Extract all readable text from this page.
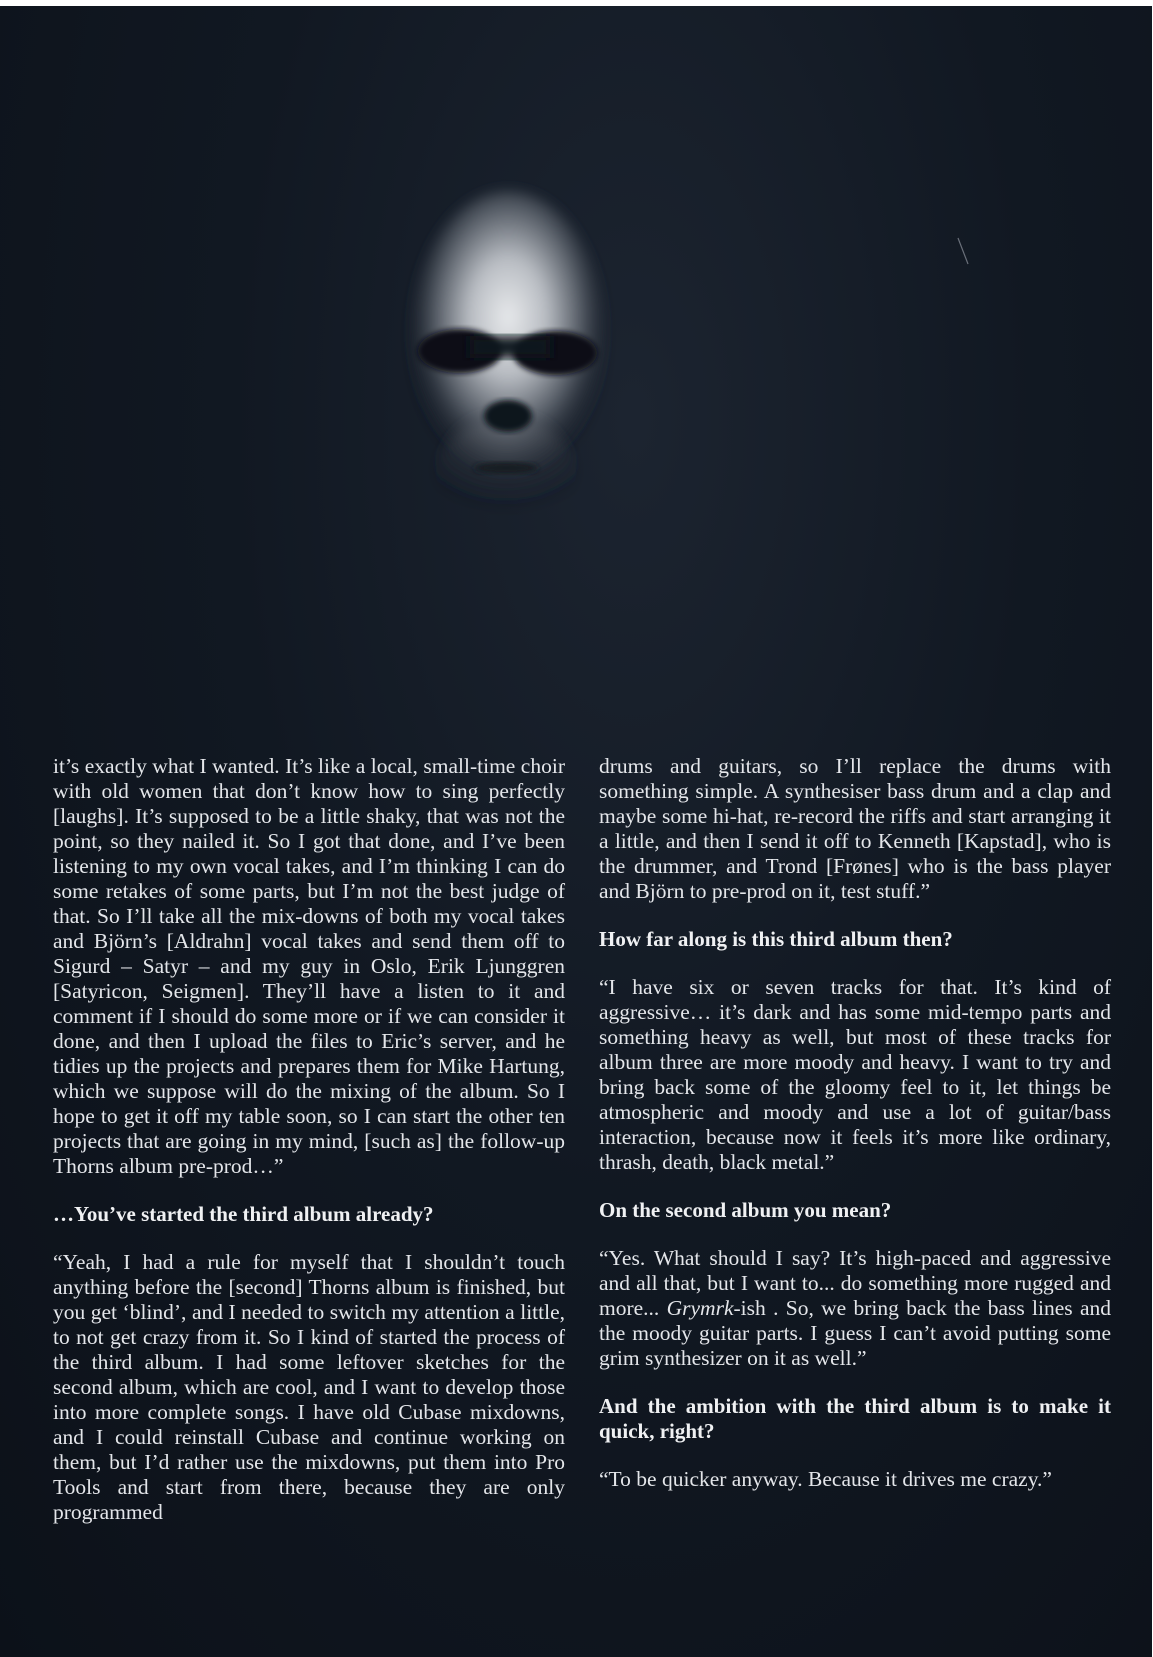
it’s exactly what I wanted. It’s like a local, small-time choir with old women that don’t know how to sing perfectly [laughs]. It’s supposed to be a little shaky, that was not the point, so they nailed it. So I got that done, and I’ve been listening to my own vocal takes, and I’m thinking I can do some retakes of some parts, but I’m not the best judge of that. So I’ll take all the mix-downs of both my vocal takes and Björn’s [Aldrahn] vocal takes and send them off to Sigurd – Satyr – and my guy in Oslo, Erik Ljunggren [Satyricon, Seigmen]. They’ll have a listen to it and comment if I should do some more or if we can consider it done, and then I upload the files to Eric’s server, and he tidies up the projects and prepares them for Mike Hartung, which we suppose will do the mixing of the album. So I hope to get it off my table soon, so I can start the other ten projects that are going in my mind, [such as] the follow-up Thorns album pre-prod…”

…You’ve started the third album already?

“Yeah, I had a rule for myself that I shouldn’t touch anything before the [second] Thorns album is finished, but you get ‘blind’, and I needed to switch my attention a little, to not get crazy from it. So I kind of started the process of the third album. I had some leftover sketches for the second album, which are cool, and I want to develop those into more complete songs. I have old Cubase mixdowns, and I could reinstall Cubase and continue working on them, but I’d rather use the mixdowns, put them into Pro Tools and start from there, because they are only programmed

drums and guitars, so I’ll replace the drums with something simple. A synthesiser bass drum and a clap and maybe some hi-hat, re-record the riffs and start arranging it a little, and then I send it off to Kenneth [Kapstad], who is the drummer, and Trond [Frønes] who is the bass player and Björn to pre-prod on it, test stuff.”

How far along is this third album then?

“I have six or seven tracks for that. It’s kind of aggressive… it’s dark and has some mid-tempo parts and something heavy as well, but most of these tracks for album three are more moody and heavy. I want to try and bring back some of the gloomy feel to it, let things be atmospheric and moody and use a lot of guitar/bass interaction, because now it feels it’s more like ordinary, thrash, death, black metal.”

On the second album you mean?

“Yes. What should I say? It’s high-paced and aggressive and all that, but I want to... do something more rugged and more... Grymrk-ish . So, we bring back the bass lines and the moody guitar parts. I guess I can’t avoid putting some grim synthesizer on it as well.”

And the ambition with the third album is to make it quick, right?

“To be quicker anyway. Because it drives me crazy.”
